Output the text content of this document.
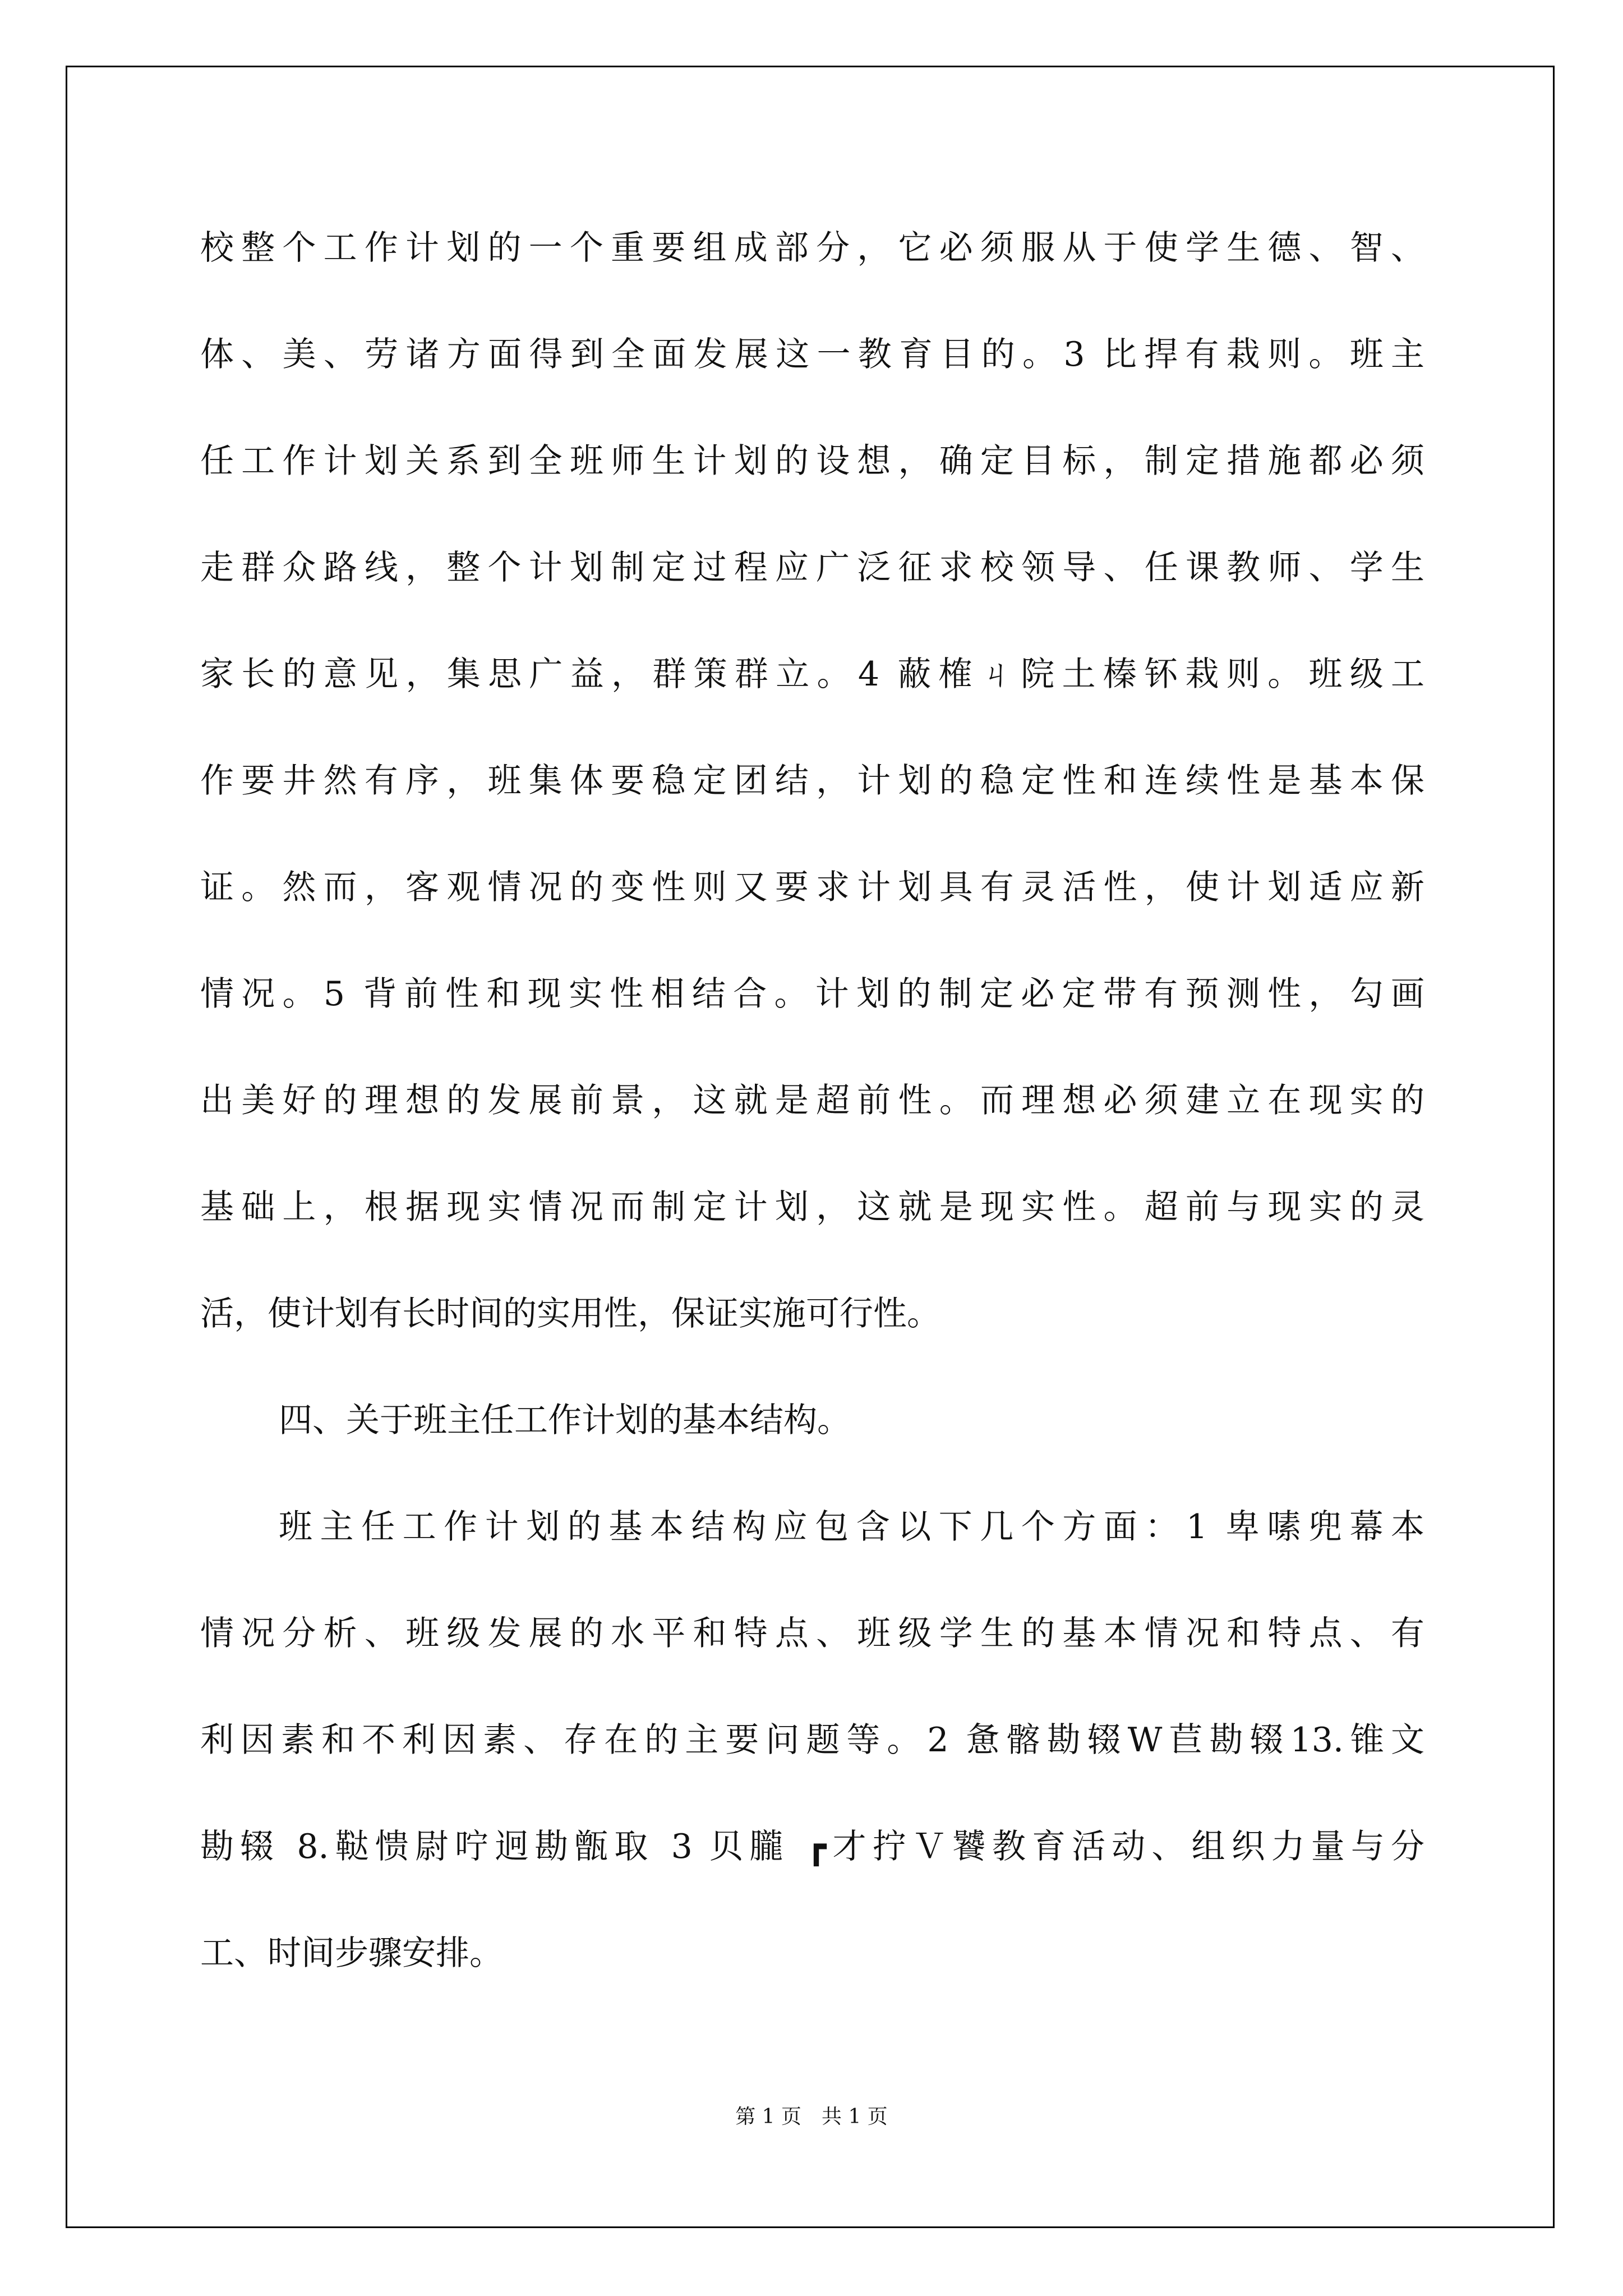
校整个工作计划的一个重要组成部分，它必须服从于使学生德、智、
体、美、劳诸方面得到全面发展这一教育目的。3 比捍有栽则。班主
任工作计划关系到全班师生计划的设想，确定目标，制定措施都必须
走群众路线，整个计划制定过程应广泛征求校领导、任课教师、学生
家长的意见，集思广益，群策群立。4 蔽榷ㄐ院土榛钚栽则。班级工
作要井然有序，班集体要稳定团结，计划的稳定性和连续性是基本保
证。然而，客观情况的变性则又要求计划具有灵活性，使计划适应新
情况。5 背前性和现实性相结合。计划的制定必定带有预测性，勾画
出美好的理想的发展前景，这就是超前性。而理想必须建立在现实的
基础上，根据现实情况而制定计划，这就是现实性。超前与现实的灵
活，使计划有长时间的实用性，保证实施可行性。
四、关于班主任工作计划的基本结构。
班主任工作计划的基本结构应包含以下几个方面：1 卑嗉兜幕本
情况分析、班级发展的水平和特点、班级学生的基本情况和特点、有
利因素和不利因素、存在的主要问题等。2 惫髂勘辍W苣勘辍13.锥文
勘辍 8.鞑愦尉咛迥勘甑取 3 贝朧 ┏才拧Ｖ饕教育活动、组织力量与分
工、时间步骤安排。
第 1 页　共 1 页
